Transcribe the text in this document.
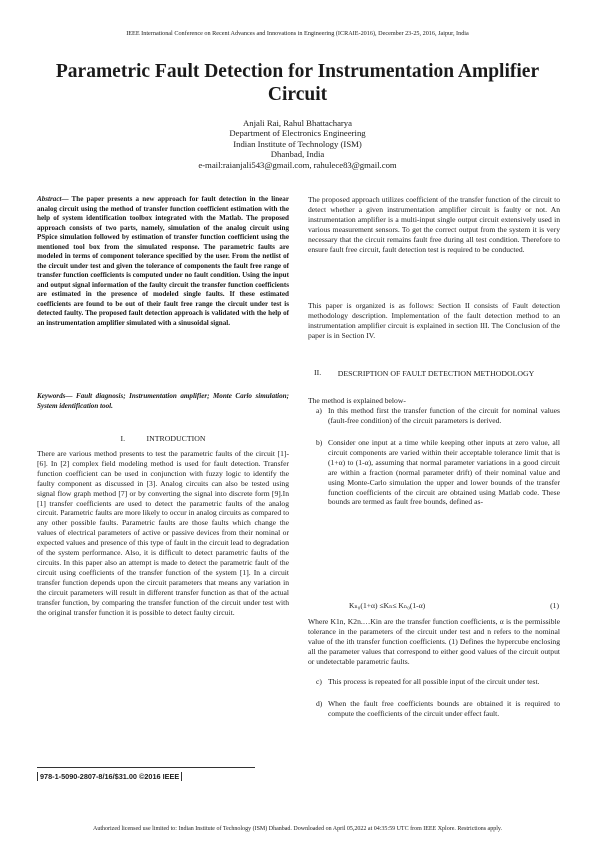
IEEE International Conference on Recent Advances and Innovations in Engineering (ICRAIE-2016), December 23-25, 2016, Jaipur, India
Parametric Fault Detection for Instrumentation Amplifier Circuit
Anjali Rai, Rahul Bhattacharya
Department of Electronics Engineering
Indian Institute of Technology (ISM)
Dhanbad, India
e-mail:raianjali543@gmail.com, rahulece83@gmail.com
Abstract— The paper presents a new approach for fault detection in the linear analog circuit using the method of transfer function coefficient estimation with the help of system identification toolbox integrated with the Matlab. The proposed approach consists of two parts, namely, simulation of the analog circuit using PSpice simulation followed by estimation of transfer function coefficient using the mentioned tool box from the simulated response. The parametric faults are modeled in terms of component tolerance specified by the user. From the netlist of the circuit under test and given the tolerance of components the fault free range of transfer function coefficients is computed under no fault condition. Using the input and output signal information of the faulty circuit the transfer function coefficients are estimated in the presence of modeled single faults. If these estimated coefficients are found to be out of their fault free range the circuit under test is detected faulty. The proposed fault detection approach is validated with the help of an instrumentation amplifier simulated with a sinusoidal signal.
Keywords— Fault diagnosis; Instrumentation amplifier; Monte Carlo simulation; System identification tool.
I.	INTRODUCTION
There are various method presents to test the parametric faults of the circuit [1]-[6]. In [2] complex field modeling method is used for fault detection. Transfer function coefficient can be used in conjunction with fuzzy logic to identify the faulty component as discussed in [3]. Analog circuits can also be tested using signal flow graph method [7] or by converting the signal into discrete form [9].In [1] transfer coefficients are used to detect the parametric faults of the analog circuit. Parametric faults are more likely to occur in analog circuits as compared to any other possible faults. Parametric faults are those faults which change the values of electrical parameters of active or passive devices from their nominal or expected values and presence of this type of fault in the circuit lead to degradation of the system performance. Also, it is difficult to detect parametric faults of the circuits. In this paper also an attempt is made to detect the parametric fault of the circuit using coefficients of the transfer function of the system [1]. In a circuit transfer function depends upon the circuit parameters that means any variation in the circuit parameters will result in different transfer function as that of the actual transfer function, by comparing the transfer function of the circuit under test with the original transfer function it is possible to detect faulty circuit.
978-1-5090-2807-8/16/$31.00 ©2016 IEEE
The proposed approach utilizes coefficient of the transfer function of the circuit to detect whether a given instrumentation amplifier circuit is faulty or not. An instrumentation amplifier is a multi-input single output circuit extensively used in various measurement sensors. To get the correct output from the system it is very necessary that the circuit remains fault free during all test condition. Therefore to ensure fault free circuit, fault detection test is required to be conducted.
This paper is organized is as follows: Section II consists of Fault detection methodology description. Implementation of the fault detection method to an instrumentation amplifier circuit is explained in section III. The Conclusion of the paper is in Section IV.
II.	DESCRIPTION OF FAULT DETECTION METHODOLOGY

The method is explained below-

a) In this method first the transfer function of the circuit for nominal values (fault-free condition) of the circuit parameters is derived.
b) Consider one input at a time while keeping other inputs at zero value, all circuit components are varied within their acceptable tolerance limit that is (1+α) to (1-α), assuming that normal parameter variations in a good circuit are within a fraction (normal parameter drift) of their nominal value and using Monte-Carlo simulation the upper and lower bounds of the transfer function coefficients of the circuit are obtained using Matlab code. These bounds are termed as fault free bounds, defined as-
Kₙ₀(1+α) ≤Kₙ≤ Kₙ₀(1-α)	(1)
Where K1n, K2n.…Kin are the transfer function coefficients, α is the permissible tolerance in the parameters of the circuit under test and n refers to the nominal value of the ith transfer function coefficients. (1) Defines the hypercube enclosing all the parameter values that correspond to either good values of the circuit output or undetectable parametric faults.
c) This process is repeated for all possible input of the circuit under test.
d) When the fault free coefficients bounds are obtained it is required to compute the coefficients of the circuit under effect fault.
Authorized licensed use limited to: Indian Institute of Technology (ISM) Dhanbad. Downloaded on April 05,2022 at 04:35:59 UTC from IEEE Xplore. Restrictions apply.
